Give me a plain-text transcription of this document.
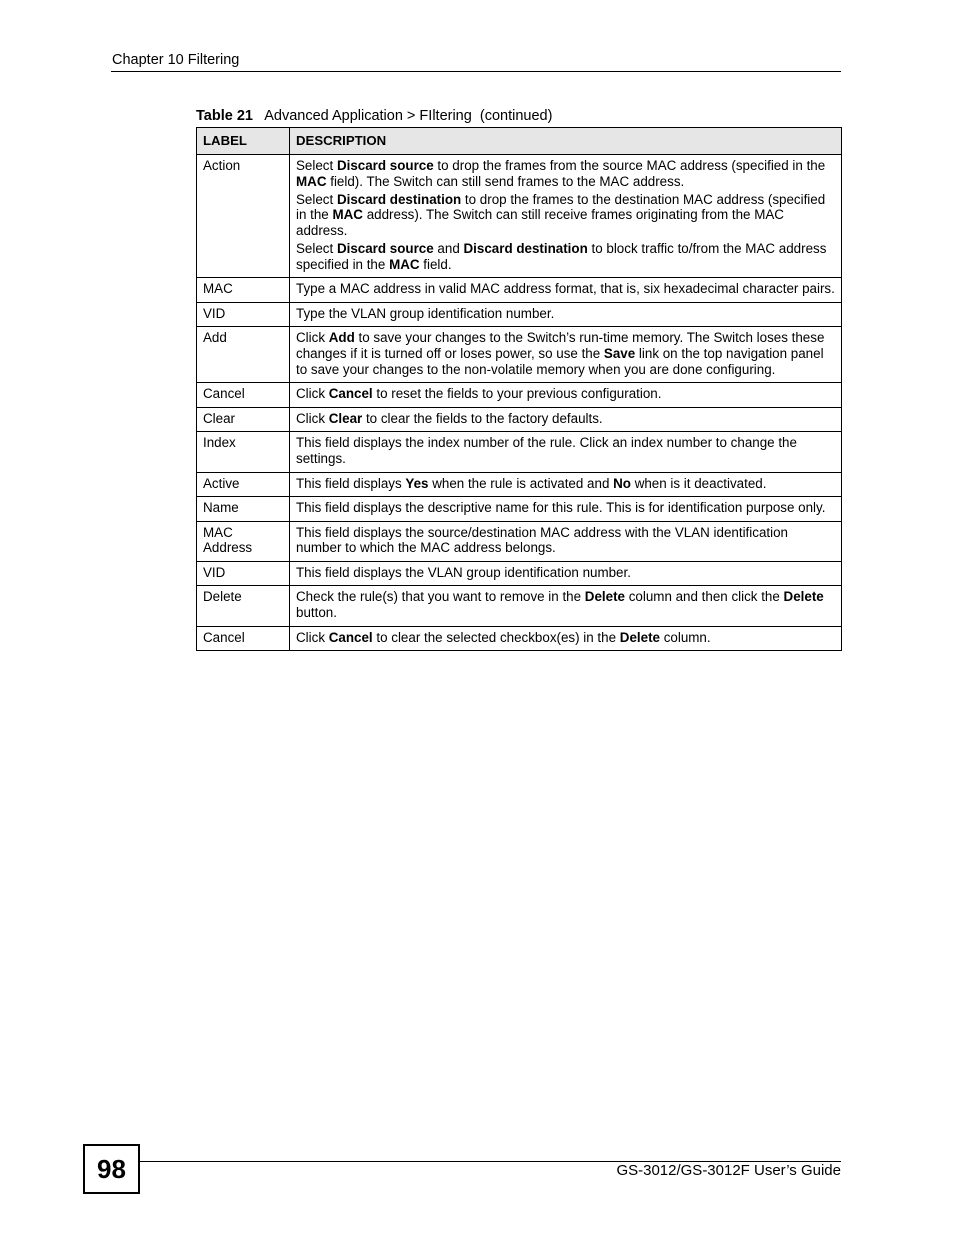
Chapter 10 Filtering
Table 21 Advanced Application > FIltering  (continued)
LABEL	DESCRIPTION
Action	Select Discard source to drop the frames from the source MAC address (specified in the MAC field). The Switch can still send frames to the MAC address.
Select Discard destination to drop the frames to the destination MAC address (specified in the MAC address). The Switch can still receive frames originating from the MAC address.
Select Discard source and Discard destination to block traffic to/from the MAC address specified in the MAC field.

MAC	Type a MAC address in valid MAC address format, that is, six hexadecimal character pairs.

VID	Type the VLAN group identification number.

Add	Click Add to save your changes to the Switch’s run-time memory. The Switch loses these changes if it is turned off or loses power, so use the Save link on the top navigation panel to save your changes to the non-volatile memory when you are done configuring.

Cancel	Click Cancel to reset the fields to your previous configuration.

Clear	Click Clear to clear the fields to the factory defaults.

Index	This field displays the index number of the rule. Click an index number to change the settings.

Active	This field displays Yes when the rule is activated and No when is it deactivated.

Name	This field displays the descriptive name for this rule. This is for identification purpose only.

MAC Address	This field displays the source/destination MAC address with the VLAN identification number to which the MAC address belongs.

VID	This field displays the VLAN group identification number.

Delete	Check the rule(s) that you want to remove in the Delete column and then click the Delete button.

Cancel	Click Cancel to clear the selected checkbox(es) in the Delete column.
98	GS-3012/GS-3012F User’s Guide
